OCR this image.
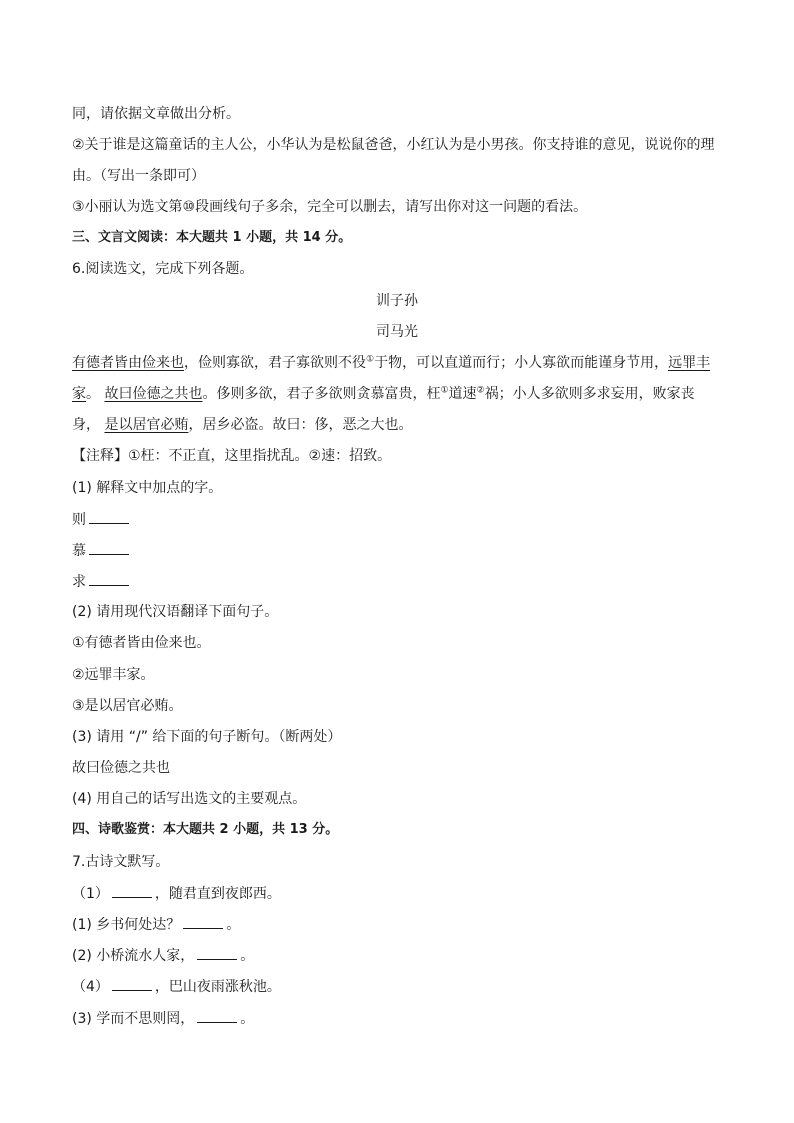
同，请依据文章做出分析。
②关于谁是这篇童话的主人公，小华认为是松鼠爸爸，小红认为是小男孩。你支持谁的意见，说说你的理
由。（写出一条即可）
③小丽认为选文第⑩段画线句子多余，完全可以删去，请写出你对这一问题的看法。
三、文言文阅读：本大题共 1 小题，共 14 分。
6.阅读选文，完成下列各题。
训子孙
司马光
有德者皆由俭来也，俭则寡欲，君子寡欲则不役①于物，可以直道而行；小人寡欲而能谨身节用，远罪丰
家。 故曰俭德之共也。侈则多欲，君子多欲则贪慕富贵，枉①道速②祸；小人多欲则多求妄用，败家丧
身， 是以居官必贿，居乡必盗。故曰：侈，恶之大也。
【注释】①枉：不正直，这里指扰乱。②速：招致。
(1) 解释文中加点的字。
则
慕
求
(2) 请用现代汉语翻译下面句子。
①有德者皆由俭来也。
②远罪丰家。
③是以居官必贿。
(3) 请用 “/” 给下面的句子断句。（断两处）
故曰俭德之共也
(4) 用自己的话写出选文的主要观点。
四、诗歌鉴赏：本大题共 2 小题，共 13 分。
7.古诗文默写。
（1）	，随君直到夜郎西。
(1) 乡书何处达？	。
(2) 小桥流水人家，	。
（4）	，巴山夜雨涨秋池。
(3) 学而不思则罔，	。
